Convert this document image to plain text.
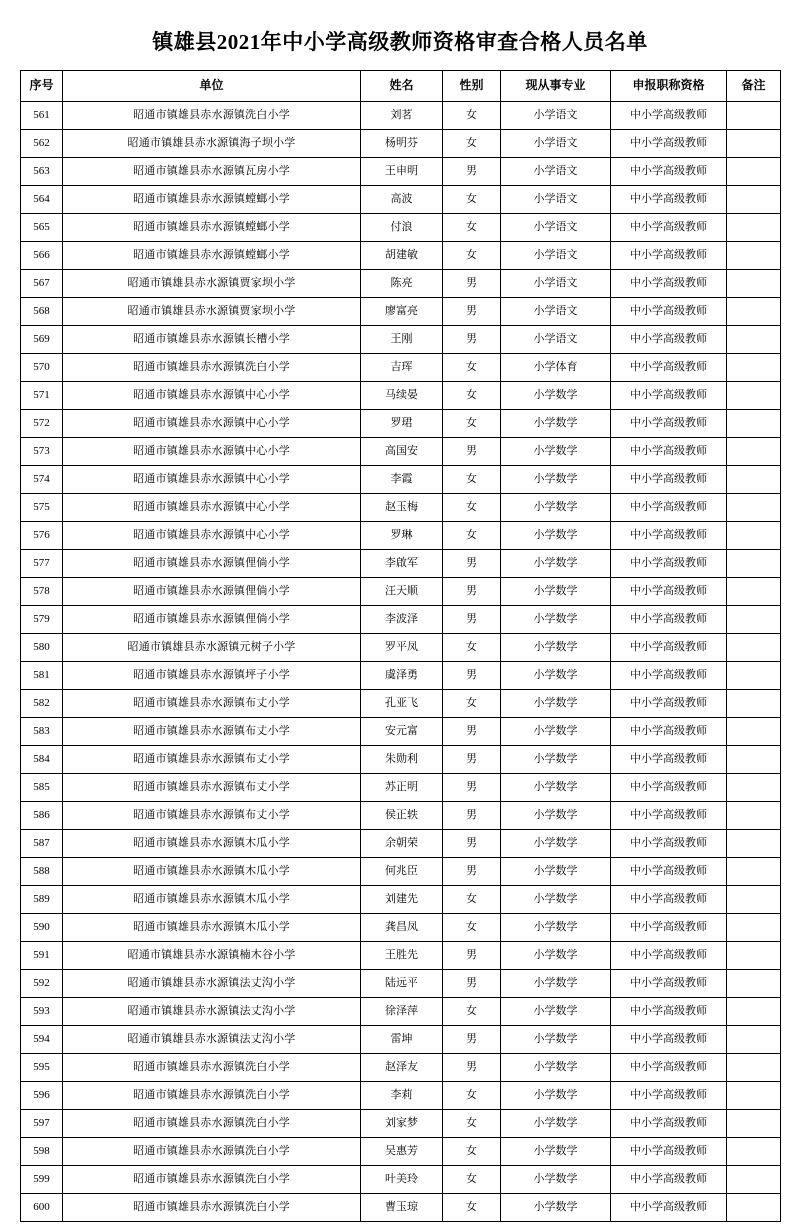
镇雄县2021年中小学高级教师资格审查合格人员名单
序号	单位	姓名	性别	现从事专业	申报职称资格	备注
561	昭通市镇雄县赤水源镇洗白小学	刘茗	女	小学语文	中小学高级教师	
562	昭通市镇雄县赤水源镇海子坝小学	杨明芬	女	小学语文	中小学高级教师	
563	昭通市镇雄县赤水源镇瓦房小学	王申明	男	小学语文	中小学高级教师	
564	昭通市镇雄县赤水源镇螳螂小学	高波	女	小学语文	中小学高级教师	
565	昭通市镇雄县赤水源镇螳螂小学	付浪	女	小学语文	中小学高级教师	
566	昭通市镇雄县赤水源镇螳螂小学	胡建敏	女	小学语文	中小学高级教师	
567	昭通市镇雄县赤水源镇贾家坝小学	陈亮	男	小学语文	中小学高级教师	
568	昭通市镇雄县赤水源镇贾家坝小学	廖富亮	男	小学语文	中小学高级教师	
569	昭通市镇雄县赤水源镇长槽小学	王刚	男	小学语文	中小学高级教师	
570	昭通市镇雄县赤水源镇洗白小学	吉珲	女	小学体育	中小学高级教师	
571	昭通市镇雄县赤水源镇中心小学	马续晏	女	小学数学	中小学高级教师	
572	昭通市镇雄县赤水源镇中心小学	罗珺	女	小学数学	中小学高级教师	
573	昭通市镇雄县赤水源镇中心小学	高国安	男	小学数学	中小学高级教师	
574	昭通市镇雄县赤水源镇中心小学	李霞	女	小学数学	中小学高级教师	
575	昭通市镇雄县赤水源镇中心小学	赵玉梅	女	小学数学	中小学高级教师	
576	昭通市镇雄县赤水源镇中心小学	罗琳	女	小学数学	中小学高级教师	
577	昭通市镇雄县赤水源镇俚倘小学	李啟军	男	小学数学	中小学高级教师	
578	昭通市镇雄县赤水源镇俚倘小学	汪天顺	男	小学数学	中小学高级教师	
579	昭通市镇雄县赤水源镇俚倘小学	李波泽	男	小学数学	中小学高级教师	
580	昭通市镇雄县赤水源镇元树子小学	罗平凤	女	小学数学	中小学高级教师	
581	昭通市镇雄县赤水源镇坪子小学	虞泽勇	男	小学数学	中小学高级教师	
582	昭通市镇雄县赤水源镇布丈小学	孔亚飞	女	小学数学	中小学高级教师	
583	昭通市镇雄县赤水源镇布丈小学	安元富	男	小学数学	中小学高级教师	
584	昭通市镇雄县赤水源镇布丈小学	朱勋利	男	小学数学	中小学高级教师	
585	昭通市镇雄县赤水源镇布丈小学	苏正明	男	小学数学	中小学高级教师	
586	昭通市镇雄县赤水源镇布丈小学	侯正轶	男	小学数学	中小学高级教师	
587	昭通市镇雄县赤水源镇木瓜小学	余朝荣	男	小学数学	中小学高级教师	
588	昭通市镇雄县赤水源镇木瓜小学	何兆臣	男	小学数学	中小学高级教师	
589	昭通市镇雄县赤水源镇木瓜小学	刘建先	女	小学数学	中小学高级教师	
590	昭通市镇雄县赤水源镇木瓜小学	龚昌凤	女	小学数学	中小学高级教师	
591	昭通市镇雄县赤水源镇楠木谷小学	王胜先	男	小学数学	中小学高级教师	
592	昭通市镇雄县赤水源镇法丈沟小学	陆远平	男	小学数学	中小学高级教师	
593	昭通市镇雄县赤水源镇法丈沟小学	徐泽萍	女	小学数学	中小学高级教师	
594	昭通市镇雄县赤水源镇法丈沟小学	雷坤	男	小学数学	中小学高级教师	
595	昭通市镇雄县赤水源镇洗白小学	赵泽友	男	小学数学	中小学高级教师	
596	昭通市镇雄县赤水源镇洗白小学	李莉	女	小学数学	中小学高级教师	
597	昭通市镇雄县赤水源镇洗白小学	刘家梦	女	小学数学	中小学高级教师	
598	昭通市镇雄县赤水源镇洗白小学	吴惠芳	女	小学数学	中小学高级教师	
599	昭通市镇雄县赤水源镇洗白小学	叶美玲	女	小学数学	中小学高级教师	
600	昭通市镇雄县赤水源镇洗白小学	曹玉琼	女	小学数学	中小学高级教师	
